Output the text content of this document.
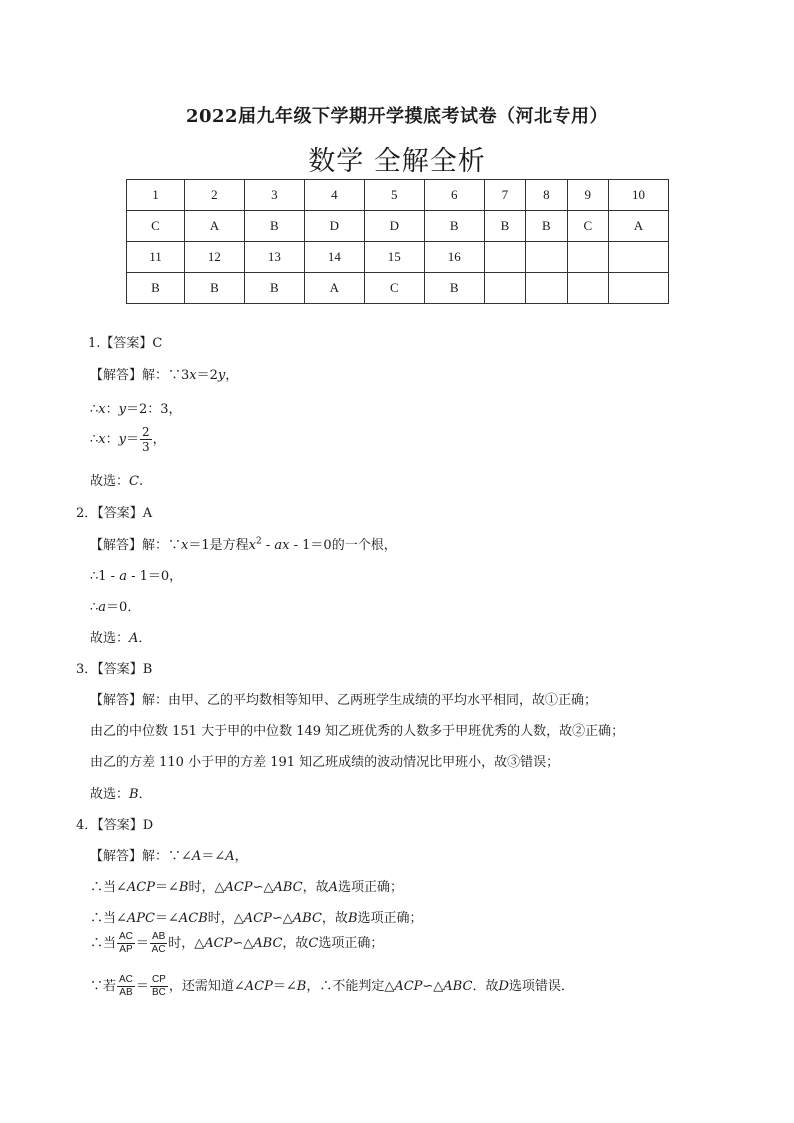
2022届九年级下学期开学摸底考试卷（河北专用）
数学 全解全析
1	2	3	4	5	6	7	8	9	10
C	A	B	D	D	B	B	B	C	A
11	12	13	14	15	16				
B	B	B	A	C	B				
1.【答案】C
【解答】解：∵3x＝2y，
∴x：y＝2：3，
∴x：$y= \frac{2}{3}$ ，
故选：C.
2．【答案】A
【解答】解：∵x＝1是方程$x^2$ - ax - 1＝0的一个根，
∴1 - a - 1＝0，
∴a＝0．
故选：A．
3．【答案】B
【解答】解：由甲、乙的平均数相等知甲、乙两班学生成绩的平均水平相同，故①正确；
由乙的中位数 151 大于甲的中位数 149 知乙班优秀的人数多于甲班优秀的人数，故②正确；
由乙的方差 110 小于甲的方差 191 知乙班成绩的波动情况比甲班小，故③错误；
故选：B．
4．【答案】D
【解答】解：∵∠A＝∠A，
∴当∠ACP＝∠B时，△ACP∽△ABC，故A选项正确；
∴当∠APC＝∠ACB时，△ACP∽△ABC，故B选项正确；
∴当 $\frac{AC}{AP} = \frac{AB}{AC}$ 时，△ACP∽△ABC，故C选项正确；
∵若 $\frac{AC}{AB} = \frac{CP}{BC}$ ，还需知道∠ACP＝∠B，∴不能判定△ACP∽△ABC．故D选项错误．
